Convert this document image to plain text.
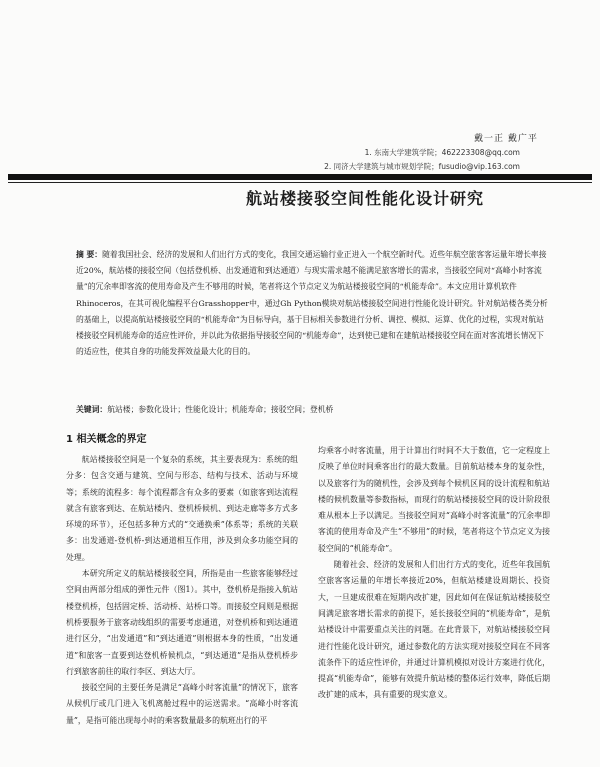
戴一正 戴广平
1. 东南大学建筑学院；462223308@qq.com
2. 同济大学建筑与城市规划学院；fusudio@vip.163.com
航站楼接驳空间性能化设计研究
摘 要：随着我国社会、经济的发展和人们出行方式的变化，我国交通运输行业正进入一个航空新时代。近些年航空旅客客运量年增长率接近20%，航站楼的接驳空间（包括登机桥、出发通道和到达通道）与现实需求越不能满足旅客增长的需求，当接驳空间对“高峰小时客流量”的冗余率即客流的使用寿命及产生不够用的时候，笔者将这个节点定义为航站楼接驳空间的“机能寿命”。本文应用计算机软件Rhinoceros，在其可视化编程平台Grasshopper中，通过Gh Python模块对航站楼接驳空间进行性能化设计研究。针对航站楼各类分析的基础上，以提高航站楼接驳空间的“机能寿命”为目标导向，基于目标相关参数进行分析、调控、模拟、运算、优化的过程，实现对航站楼接驳空间机能寿命的适应性评价，并以此为依据指导接驳空间的“机能寿命”，达到使已建和在建航站楼接驳空间在面对客流增长情况下的适应性，使其自身的功能发挥效益最大化的目的。
关键词：航站楼；参数化设计；性能化设计；机能寿命；接驳空间；登机桥
1 相关概念的界定

航站楼接驳空间是一个复杂的系统，其主要表现为：系统的组分多：包含交通与建筑、空间与形态、结构与技术、活动与环境等；系统的流程多：每个流程都含有众多的要素（如旅客到达流程就含有旅客到达、在航站楼内、登机桥候机、到达走廊等多方式多环境的环节），还包括多种方式的“交通换乘”体系等；系统的关联多：出发通道-登机桥-到达通道相互作用，涉及到众多功能空间的处理。

本研究所定义的航站楼接驳空间，所指是由一些旅客能够经过空间由两部分组成的弹性元件（图1）。其中，登机桥是指接入航站楼登机桥，包括固定桥、活动桥、站桥口等。而接驳空间则是根据机桥要服务于旅客动线组织的需要考虑通道，对登机桥和到达通道进行区分，“出发通道”和“到达通道”则根据本身的性质，“出发通道”和旅客一直要到达登机桥候机点，“到达通道”是指从登机桥步行到旅客前往的取行李区、到达大厅。

接驳空间的主要任务是满足“高峰小时客流量”的情况下，旅客从候机厅或几门进入飞机离舱过程中的运送需求。“高峰小时客流量”，是指可能出现每小时的乘客数量最多的航班出行的平

均乘客小时客流量，用于计算出行时间不大于数值，它一定程度上反映了单位时间乘客出行的最大数量。目前航站楼本身的复杂性，以及旅客行为的随机性，会涉及到每个候机区间的设计流程和航站楼的候机数量等参数指标，而现行的航站楼接驳空间的设计阶段很难从根本上予以满足。当接驳空间对“高峰小时客流量”的冗余率即客流的使用寿命及产生“不够用”的时候，笔者将这个节点定义为接驳空间的“机能寿命”。

随着社会、经济的发展和人们出行方式的变化，近些年我国航空旅客客运量的年增长率接近20%，但航站楼建设周期长、投资大，一旦建成很难在短期内改扩建，因此如何在保证航站楼接驳空间满足旅客增长需求的前提下，延长接驳空间的“机能寿命”，是航站楼设计中需要重点关注的问题。在此背景下，对航站楼接驳空间进行性能化设计研究，通过参数化的方法实现对接驳空间在不同客流条件下的适应性评价，并通过计算机模拟对设计方案进行优化，提高“机能寿命”，能够有效提升航站楼的整体运行效率，降低后期改扩建的成本，具有重要的现实意义。
